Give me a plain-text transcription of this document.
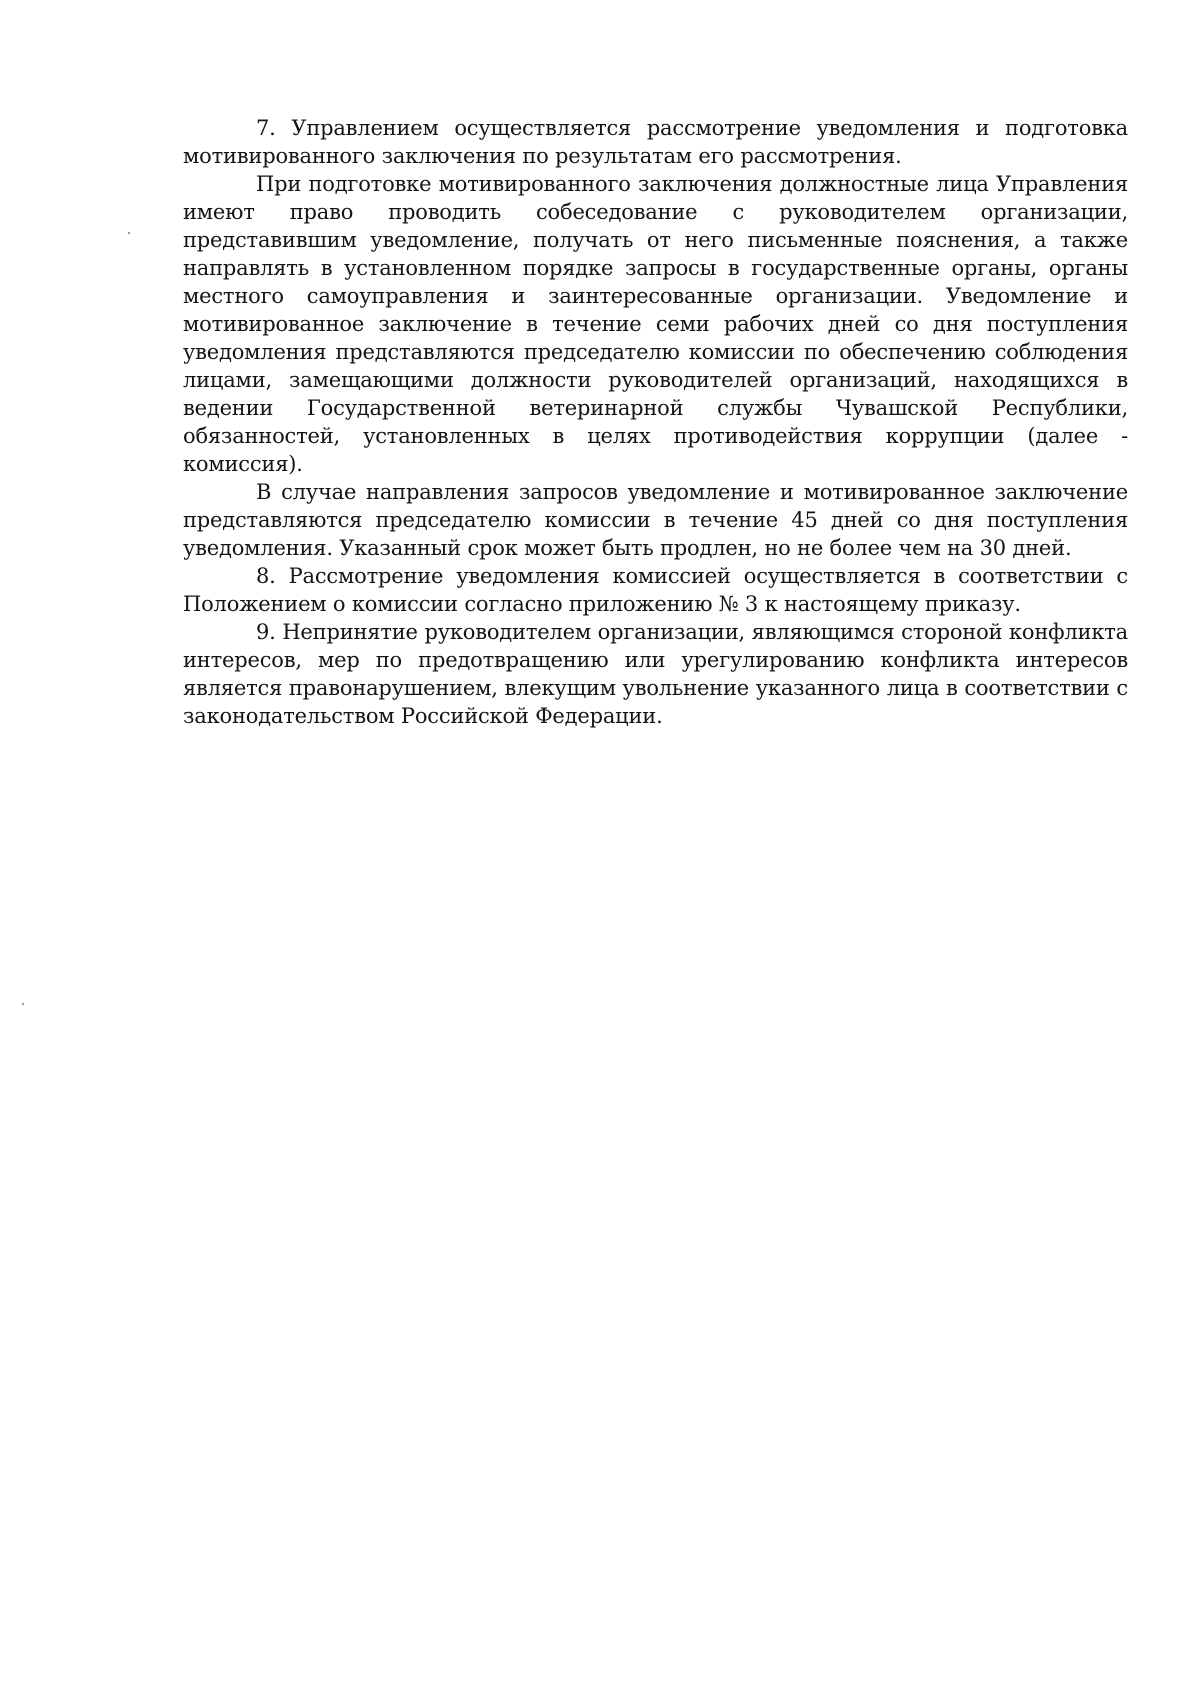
7. Управлением осуществляется рассмотрение уведомления и подготовка мотивированного заключения по результатам его рассмотрения.

При подготовке мотивированного заключения должностные лица Управления имеют право проводить собеседование с руководителем организации, представившим уведомление, получать от него письменные пояснения, а также направлять в установленном порядке запросы в государственные органы, органы местного самоуправления и заинтересованные организации. Уведомление и мотивированное заключение в течение семи рабочих дней со дня поступления уведомления представляются председателю комиссии по обеспечению соблюдения лицами, замещающими должности руководителей организаций, находящихся в ведении Государственной ветеринарной службы Чувашской Республики, обязанностей, установленных в целях противодействия коррупции (далее - комиссия).

В случае направления запросов уведомление и мотивированное заключение представляются председателю комиссии в течение 45 дней со дня поступления уведомления. Указанный срок может быть продлен, но не более чем на 30 дней.

8. Рассмотрение уведомления комиссией осуществляется в соответствии с Положением о комиссии согласно приложению № 3 к настоящему приказу.

9. Непринятие руководителем организации, являющимся стороной конфликта интересов, мер по предотвращению или урегулированию конфликта интересов является правонарушением, влекущим увольнение указанного лица в соответствии с законодательством Российской Федерации.
